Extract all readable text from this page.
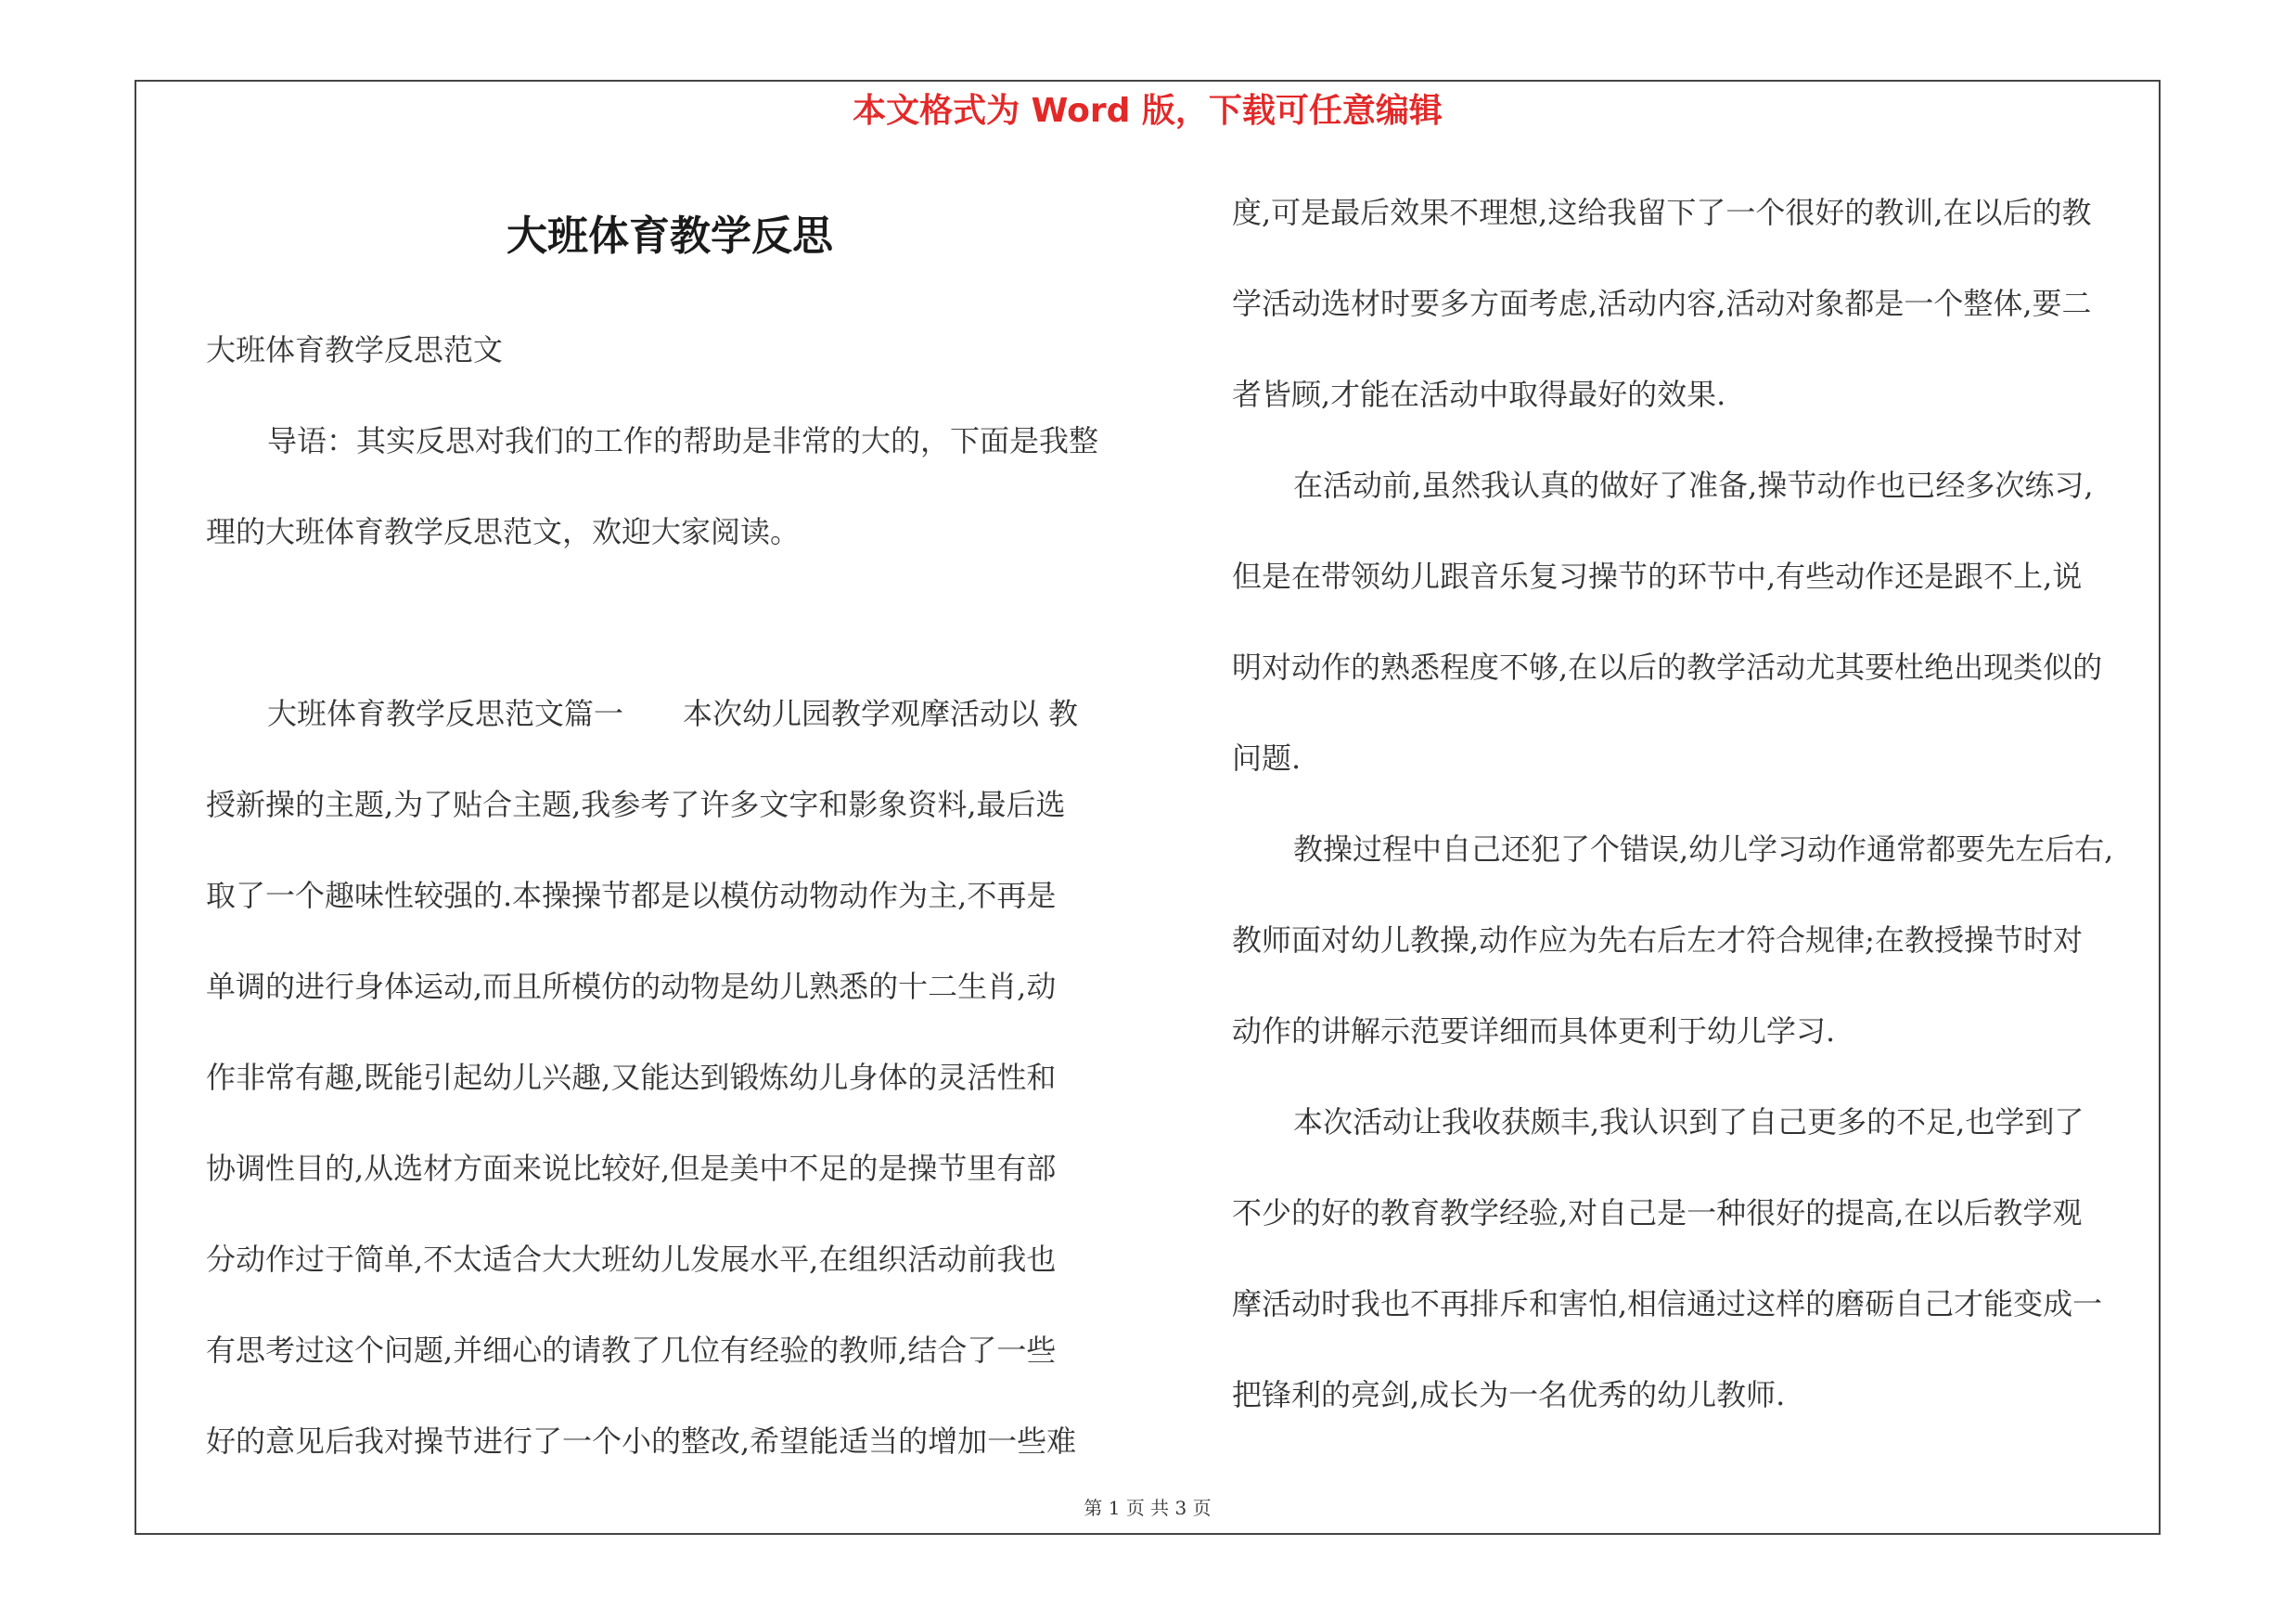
本文格式为 Word 版，下载可任意编辑
大班体育教学反思

大班体育教学反思范文

导语：其实反思对我们的工作的帮助是非常的大的，下面是我整
理的大班体育教学反思范文，欢迎大家阅读。

大班体育教学反思范文篇一　　本次幼儿园教学观摩活动以 教
授新操的主题,为了贴合主题,我参考了许多文字和影象资料,最后选
取了一个趣味性较强的.本操操节都是以模仿动物动作为主,不再是
单调的进行身体运动,而且所模仿的动物是幼儿熟悉的十二生肖,动
作非常有趣,既能引起幼儿兴趣,又能达到锻炼幼儿身体的灵活性和
协调性目的,从选材方面来说比较好,但是美中不足的是操节里有部
分动作过于简单,不太适合大大班幼儿发展水平,在组织活动前我也
有思考过这个问题,并细心的请教了几位有经验的教师,结合了一些
好的意见后我对操节进行了一个小的整改,希望能适当的增加一些难

度,可是最后效果不理想,这给我留下了一个很好的教训,在以后的教
学活动选材时要多方面考虑,活动内容,活动对象都是一个整体,要二
者皆顾,才能在活动中取得最好的效果.

在活动前,虽然我认真的做好了准备,操节动作也已经多次练习,
但是在带领幼儿跟音乐复习操节的环节中,有些动作还是跟不上,说
明对动作的熟悉程度不够,在以后的教学活动尤其要杜绝出现类似的
问题.

教操过程中自己还犯了个错误,幼儿学习动作通常都要先左后右,
教师面对幼儿教操,动作应为先右后左才符合规律;在教授操节时对
动作的讲解示范要详细而具体更利于幼儿学习.

本次活动让我收获颇丰,我认识到了自己更多的不足,也学到了
不少的好的教育教学经验,对自己是一种很好的提高,在以后教学观
摩活动时我也不再排斥和害怕,相信通过这样的磨砺自己才能变成一
把锋利的亮剑,成长为一名优秀的幼儿教师.

第 1 页 共 3 页
